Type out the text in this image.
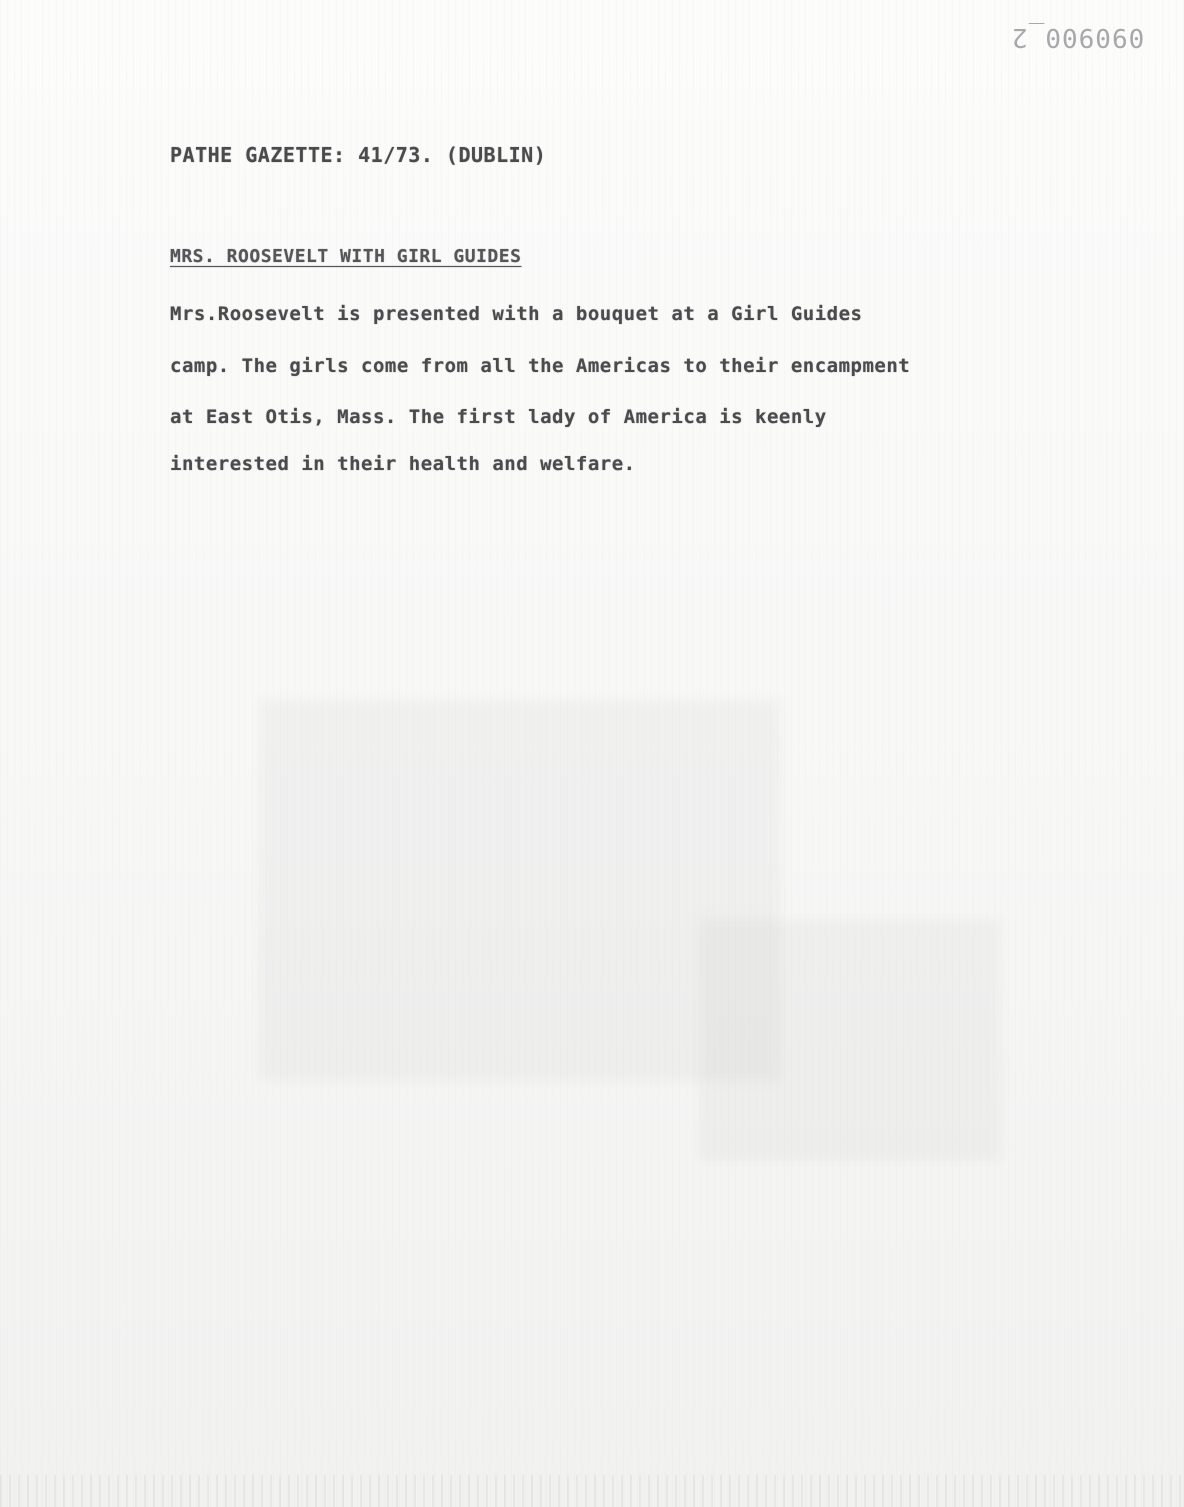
090900_2
PATHE GAZETTE: 41/73. (DUBLIN)
MRS. ROOSEVELT WITH GIRL GUIDES
Mrs.Roosevelt is presented with a bouquet at a Girl Guides
camp. The girls come from all the Americas to their encampment
at East Otis, Mass. The first lady of America is keenly
interested in their health and welfare.
